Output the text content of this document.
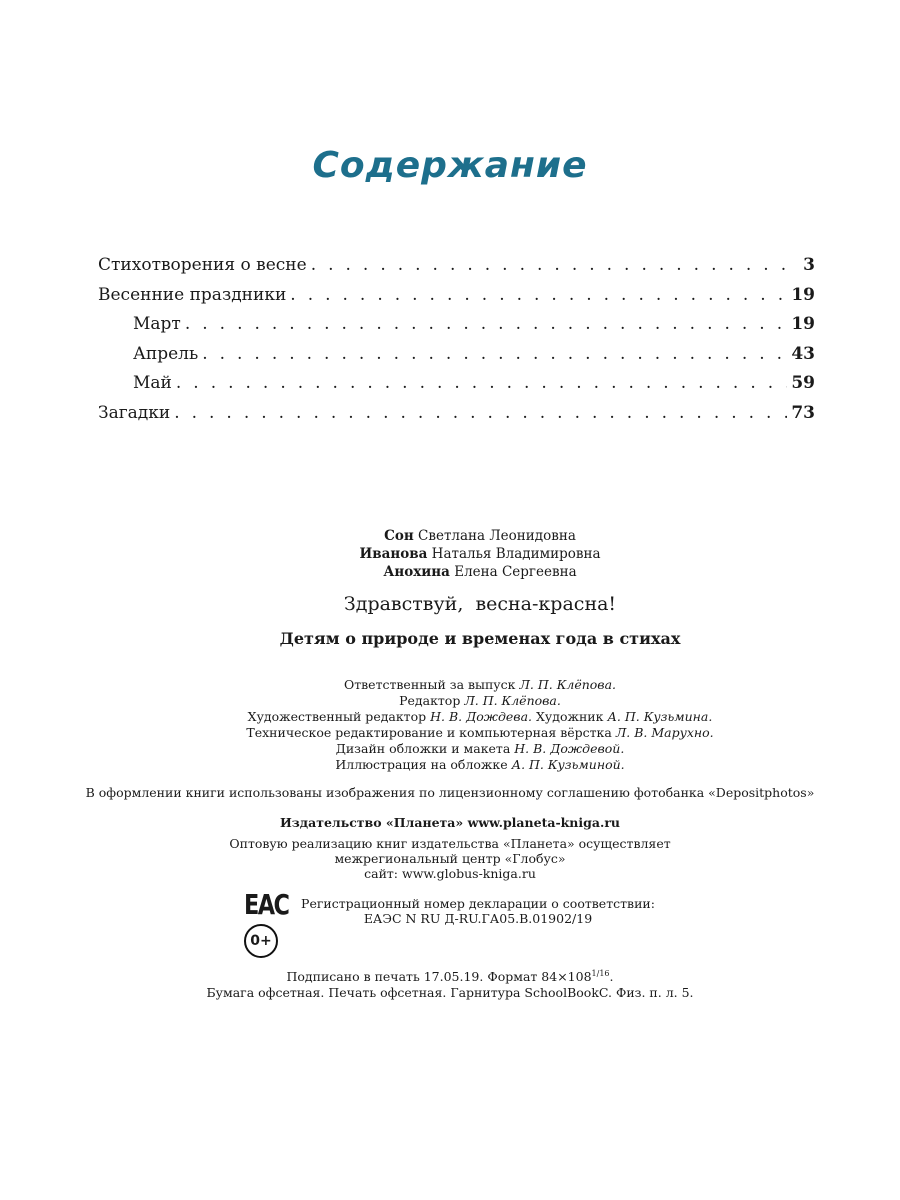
Содержание
Стихотворения о весне . . .	3
Весенние праздники . . .	19
Март . . .	19
Апрель . . .	43
Май . . .	59
Загадки . . .	73
Сон Светлана Леонидовна
Иванова Наталья Владимировна
Анохина Елена Сергеевна
Здравствуй,  весна-красна!
Детям о природе и временах года в стихах
Ответственный за выпуск Л. П. Клёпова.
Редактор Л. П. Клёпова.
Художественный редактор Н. В. Дождева. Художник А. П. Кузьмина.
Техническое редактирование и компьютерная вёрстка Л. В. Марухно.
Дизайн обложки и макета Н. В. Дождевой.
Иллюстрация на обложке А. П. Кузьминой.
В оформлении книги использованы изображения по лицензионному соглашению фотобанка «Depositphotos»
Издательство «Планета» www.planeta-kniga.ru
Оптовую реализацию книг издательства «Планета» осуществляет
межрегиональный центр «Глобус»
сайт: www.globus-kniga.ru
ЕАС
0+
Регистрационный номер декларации о соответствии:
ЕАЭС N RU Д-RU.ГА05.В.01902/19
Подписано в печать 17.05.19. Формат $84\times 108^{1/16}$.
Бумага офсетная. Печать офсетная. Гарнитура SchoolBookC. Физ. п. л. 5.
